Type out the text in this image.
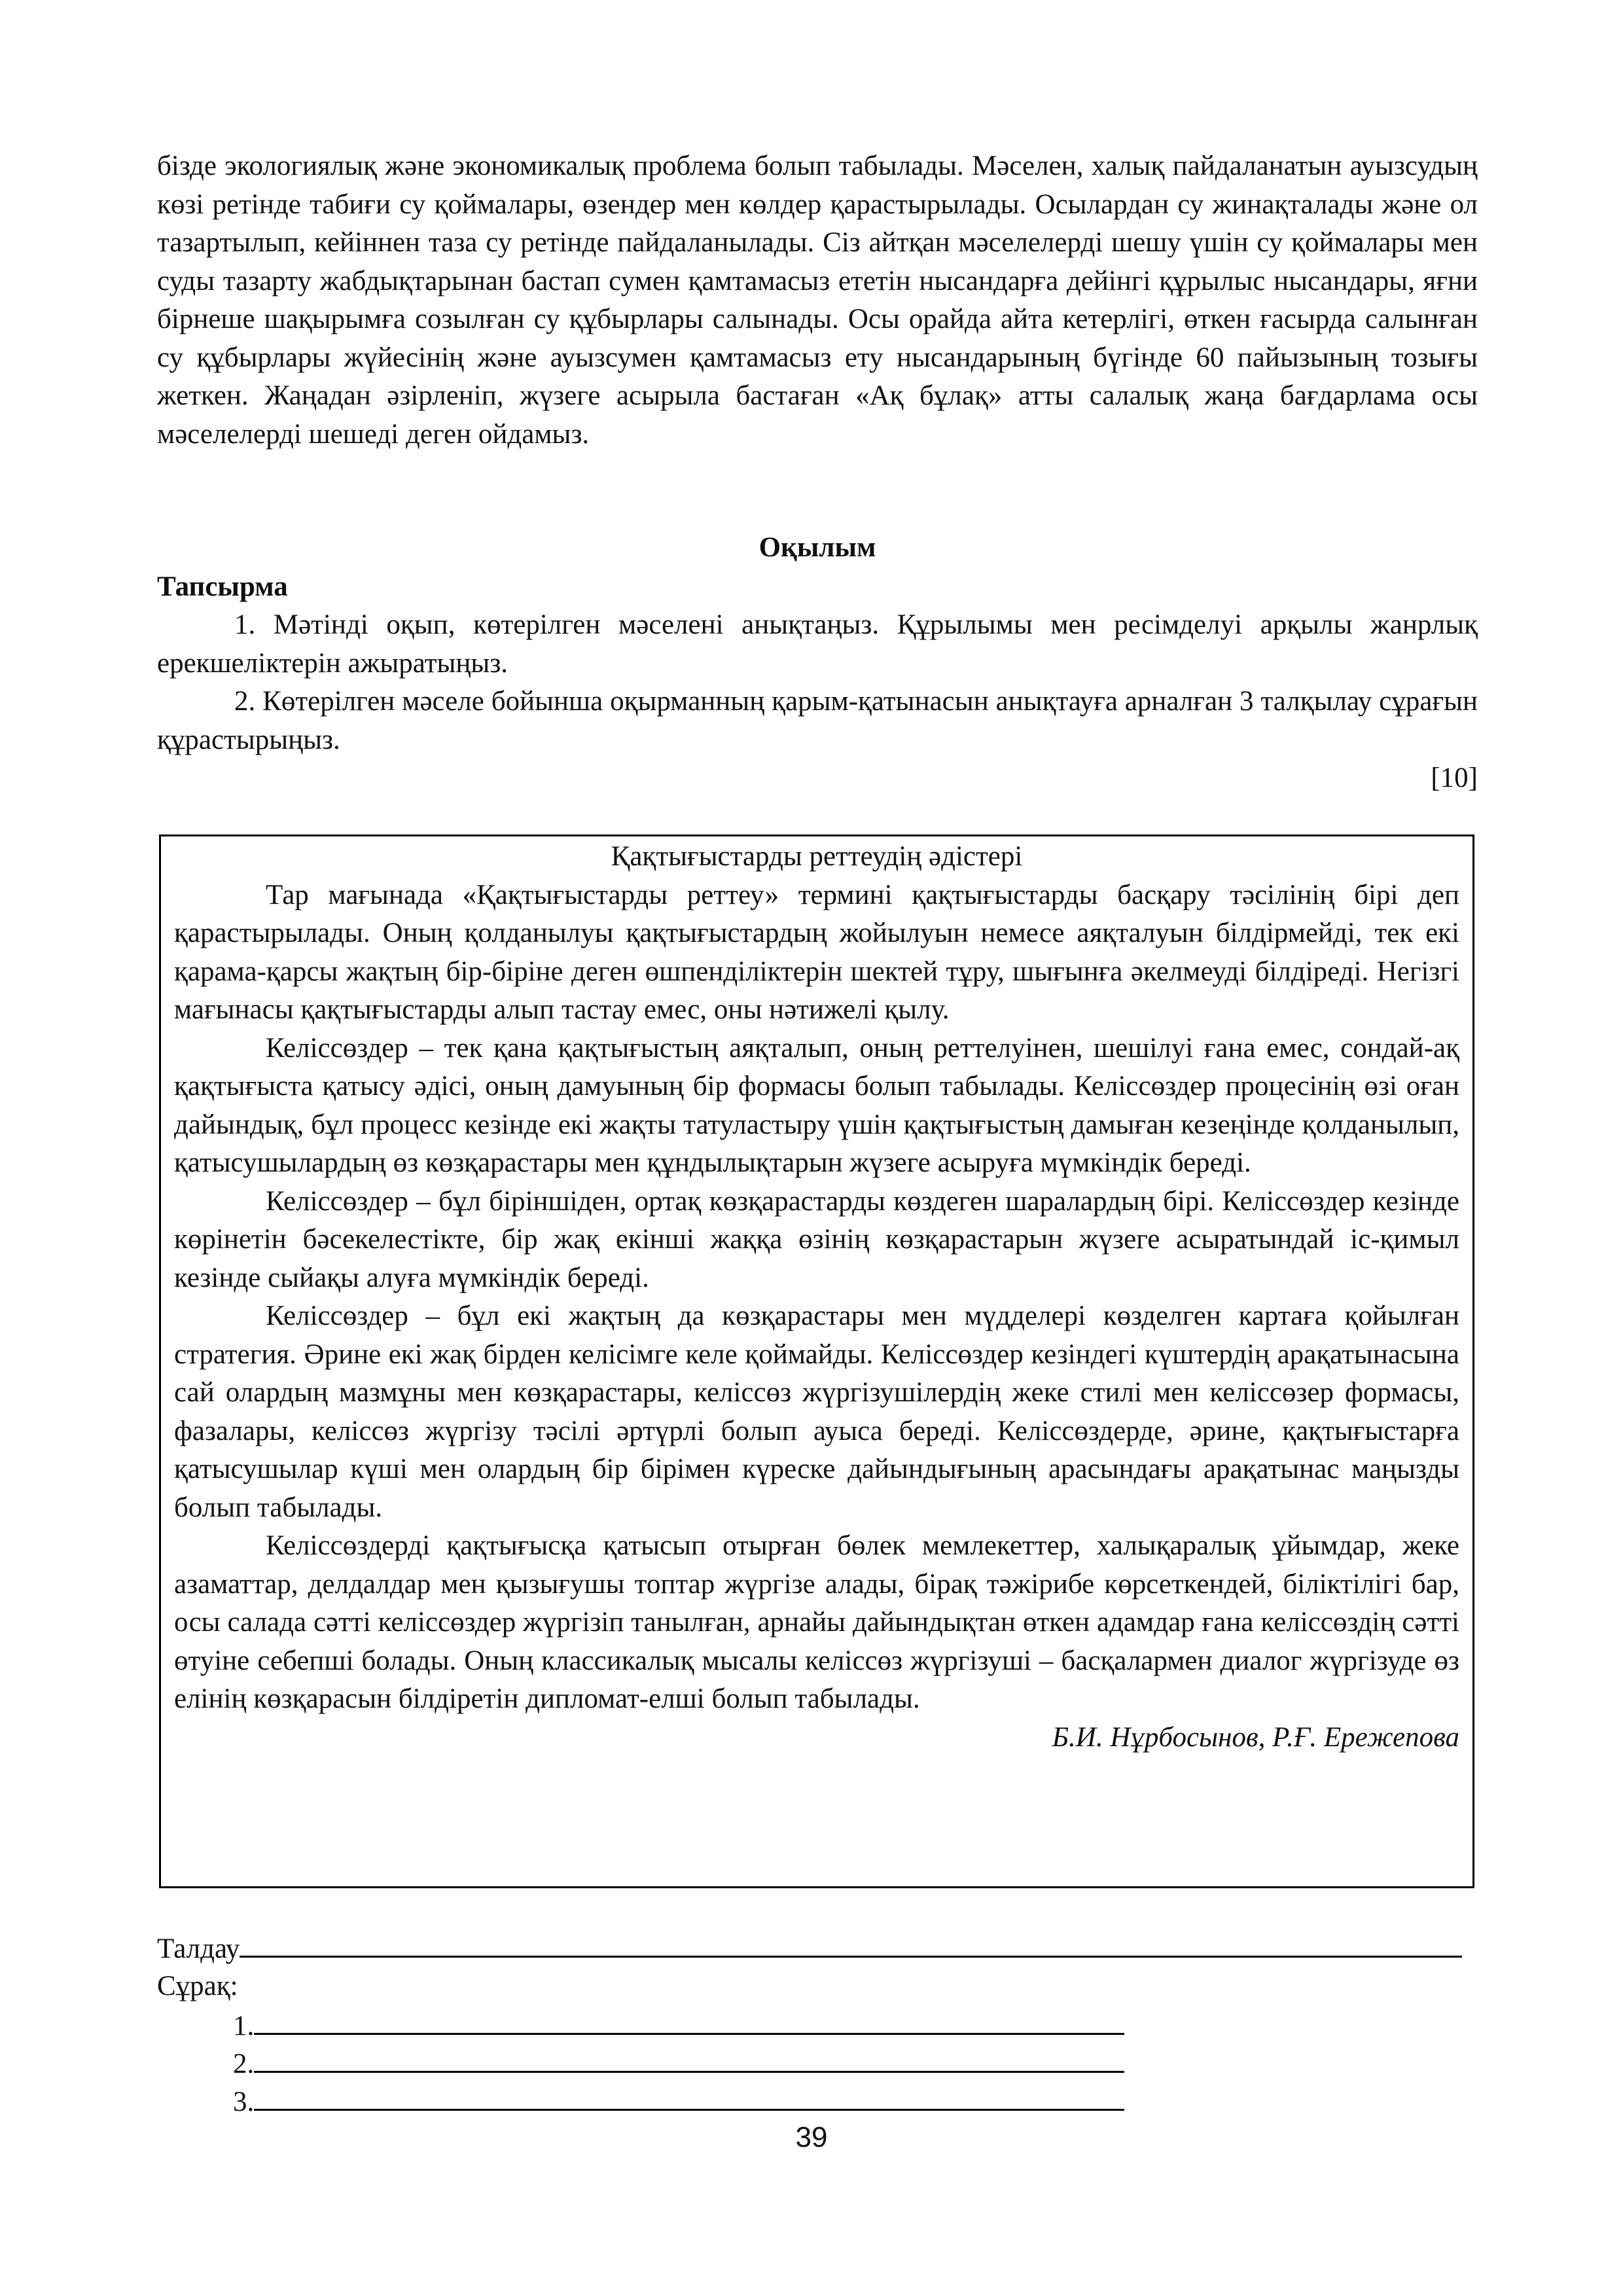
бізде экологиялық және экономикалық проблема болып табылады. Мәселен, халық пайдаланатын ауызсудың көзі ретінде табиғи су қоймалары, өзендер мен көлдер қарастырылады. Осылардан су жинақталады және ол тазартылып, кейіннен таза су ретінде пайдаланылады. Сіз айтқан мәселелерді шешу үшін су қоймалары мен суды тазарту жабдықтарынан бастап сумен қамтамасыз ететін нысандарға дейінгі құрылыс нысандары, яғни бірнеше шақырымға созылған су құбырлары салынады. Осы орайда айта кетерлігі, өткен ғасырда салынған су құбырлары жүйесінің және ауызсумен қамтамасыз ету нысандарының бүгінде 60 пайызының тозығы жеткен. Жаңадан әзірленіп, жүзеге асырыла бастаған «Ақ бұлақ» атты салалық жаңа бағдарлама осы мәселелерді шешеді деген ойдамыз.

Оқылым

Тапсырма

1. Мәтінді оқып, көтерілген мәселені анықтаңыз. Құрылымы мен ресімделуі арқылы жанрлық ерекшеліктерін ажыратыңыз.

2. Көтерілген мәселе бойынша оқырманның қарым-қатынасын анықтауға арналған 3 талқылау сұрағын құрастырыңыз.

[10]

Қақтығыстарды реттеудің әдістері

Тар мағынада «Қақтығыстарды реттеу» термині қақтығыстарды басқару тәсілінің бірі деп қарастырылады. Оның қолданылуы қақтығыстардың жойылуын немесе аяқталуын білдірмейді, тек екі қарама-қарсы жақтың бір-біріне деген өшпенділіктерін шектей тұру, шығынға әкелмеуді білдіреді. Негізгі мағынасы қақтығыстарды алып тастау емес, оны нәтижелі қылу.

Келіссөздер – тек қана қақтығыстың аяқталып, оның реттелуінен, шешілуі ғана емес, сондай-ақ қақтығыста қатысу әдісі, оның дамуының бір формасы болып табылады. Келіссөздер процесінің өзі оған дайындық, бұл процесс кезінде екі жақты татуластыру үшін қақтығыстың дамыған кезеңінде қолданылып, қатысушылардың өз көзқарастары мен құндылықтарын жүзеге асыруға мүмкіндік береді.

Келіссөздер – бұл біріншіден, ортақ көзқарастарды көздеген шаралардың бірі. Келіссөздер кезінде көрінетін бәсекелестікте, бір жақ екінші жаққа өзінің көзқарастарын жүзеге асыратындай іс-қимыл кезінде сыйақы алуға мүмкіндік береді.

Келіссөздер – бұл екі жақтың да көзқарастары мен мүдделері көзделген картаға қойылған стратегия. Әрине екі жақ бірден келісімге келе қоймайды. Келіссөздер кезіндегі күштердің арақатынасына сай олардың мазмұны мен көзқарастары, келіссөз жүргізушілердің жеке стилі мен келіссөзер формасы, фазалары, келіссөз жүргізу тәсілі әртүрлі болып ауыса береді. Келіссөздерде, әрине, қақтығыстарға қатысушылар күші мен олардың бір бірімен күреске дайындығының арасындағы арақатынас маңызды болып табылады.

Келіссөздерді қақтығысқа қатысып отырған бөлек мемлекеттер, халықаралық ұйымдар, жеке азаматтар, делдалдар мен қызығушы топтар жүргізе алады, бірақ тәжірибе көрсеткендей, біліктілігі бар, осы салада сәтті келіссөздер жүргізіп танылған, арнайы дайындықтан өткен адамдар ғана келіссөздің сәтті өтуіне себепші болады. Оның классикалық мысалы келіссөз жүргізуші – басқалармен диалог жүргізуде өз елінің көзқарасын білдіретін дипломат-елші болып табылады.

Б.И. Нұрбосынов, Р.Ғ. Ережепова

Талдау
Сұрақ:
1.
2.
3.

39
